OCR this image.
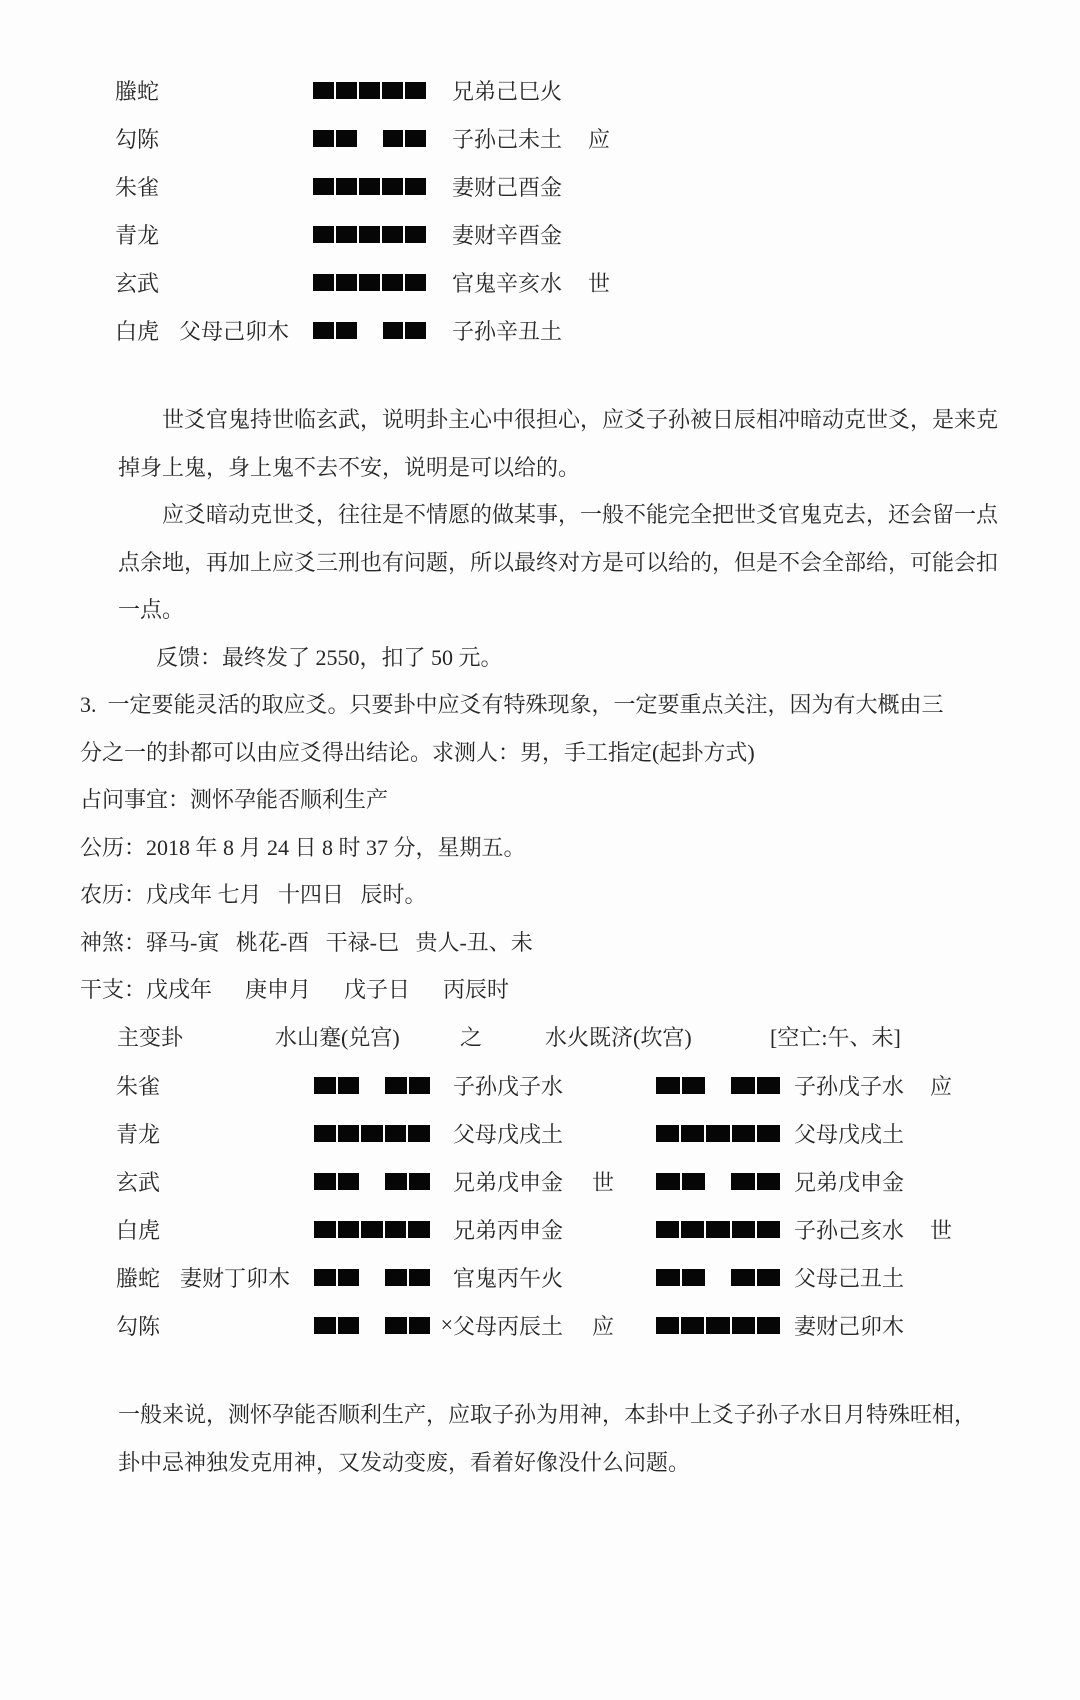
螣蛇	兄弟己巳火
勾陈	子孙己未土	应
朱雀	妻财己酉金
青龙	妻财辛酉金
玄武	官鬼辛亥水	世
白虎 父母己卯木	子孙辛丑土
世爻官鬼持世临玄武，说明卦主心中很担心，应爻子孙被日辰相冲暗动克世爻，是来克
掉身上鬼，身上鬼不去不安，说明是可以给的。
应爻暗动克世爻，往往是不情愿的做某事，一般不能完全把世爻官鬼克去，还会留一点
点余地，再加上应爻三刑也有问题，所以最终对方是可以给的，但是不会全部给，可能会扣
一点。
反馈：最终发了 2550，扣了 50 元。
3.  一定要能灵活的取应爻。只要卦中应爻有特殊现象，一定要重点关注，因为有大概由三
分之一的卦都可以由应爻得出结论。求测人：男，手工指定(起卦方式)
占问事宜：测怀孕能否顺利生产
公历：2018 年 8 月 24 日 8 时 37 分，星期五。
农历：戊戌年 七月   十四日   辰时。
神煞：驿马-寅   桃花-酉   干禄-巳   贵人-丑、未
干支：戊戌年      庚申月      戊子日      丙辰时
主变卦	水山蹇(兑宫)	之	水火既济(坎宫)	[空亡:午、未]
朱雀	子孙戊子水	子孙戊子水	应
青龙	父母戊戌土	父母戊戌土
玄武	兄弟戊申金	世	兄弟戊申金
白虎	兄弟丙申金	子孙己亥水	世
螣蛇 妻财丁卯木	官鬼丙午火	父母己丑土
勾陈	× 父母丙辰土	应	妻财己卯木
一般来说，测怀孕能否顺利生产，应取子孙为用神，本卦中上爻子孙子水日月特殊旺相，
卦中忌神独发克用神，又发动变废，看着好像没什么问题。
